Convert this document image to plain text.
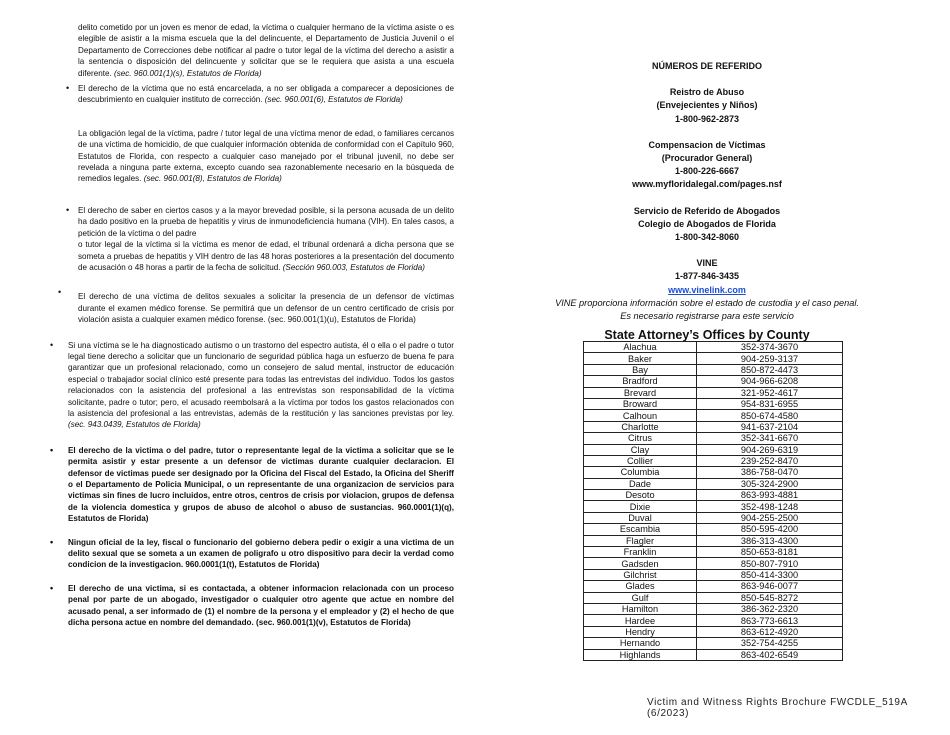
delito cometido por un joven es menor de edad, la víctima o cualquier hermano de la víctima asiste o es elegible de asistir a la misma escuela que la del delincuente, el Departamento de Justicia Juvenil o el Departamento de Correcciones debe notificar al padre o tutor legal de la víctima del derecho a asistir a la sentencia o disposición del delincuente y solicitar que se le requiera que asista a una escuela diferente. (sec. 960.001(1)(s), Estatutos de Florida)
• El derecho de la víctima que no está encarcelada, a no ser obligada a comparecer a deposiciones de descubrimiento en cualquier instituto de corrección. (sec. 960.001(6), Estatutos de Florida)
La obligación legal de la víctima, padre / tutor legal de una víctima menor de edad, o familiares cercanos de una víctima de homicidio, de que cualquier información obtenida de conformidad con el Capítulo 960, Estatutos de Florida, con respecto a cualquier caso manejado por el tribunal juvenil, no debe ser revelada a ninguna parte externa, excepto cuando sea razonablemente necesario en la búsqueda de remedios legales. (sec. 960.001(8), Estatutos de Florida)
• El derecho de saber en ciertos casos y a la mayor brevedad posible, si la persona acusada de un delito ha dado positivo en la prueba de hepatitis y virus de inmunodeficiencia humana (VIH). En tales casos, a petición de la víctima o del padre
o tutor legal de la víctima si la víctima es menor de edad, el tribunal ordenará a dicha persona que se someta a pruebas de hepatitis y VIH dentro de las 48 horas posteriores a la presentación del documento de acusación o 48 horas a partir de la fecha de solicitud. (Sección 960.003, Estatutos de Florida)
• El derecho de una víctima de delitos sexuales a solicitar la presencia de un defensor de víctimas durante el examen médico forense. Se permitirá que un defensor de un centro certificado de crisis por violación asista a cualquier examen médico forense. (sec. 960.001(1)(u), Estatutos de Florida)
• Si una víctima se le ha diagnosticado autismo o un trastorno del espectro autista, él o ella o el padre o tutor legal tiene derecho a solicitar que un funcionario de seguridad pública haga un esfuerzo de buena fe para garantizar que un profesional relacionado, como un consejero de salud mental, instructor de educación especial o trabajador social clínico esté presente para todas las entrevistas del individuo. Todos los gastos relacionados con la asistencia del profesional a las entrevistas son responsabilidad de la víctima solicitante, padre o tutor; pero, el acusado reembolsará a la víctima por todos los gastos relacionados con la asistencia del profesional a las entrevistas, además de la restitución y las sanciones previstas por ley. (sec. 943.0439, Estatutos de Florida)
• El derecho de la victima o del padre, tutor o representante legal de la victima a solicitar que se le permita asistir y estar presente a un defensor de victimas durante cualquier declaracion. El defensor de victimas puede ser designado por la Oficina del Fiscal del Estado, la Oficina del Sheriff o el Departamento de Policia Municipal, o un representante de una organizacion de servicios para victimas sin fines de lucro incluidos, entre otros, centros de crisis por violacion, grupos de defensa de la violencia domestica y grupos de abuso de alcohol o abuso de sustancias. 960.0001(1)(q), Estatutos de Florida)
• Ningun oficial de la ley, fiscal o funcionario del gobierno debera pedir o exigir a una victima de un delito sexual que se someta a un examen de poligrafo u otro dispositivo para decir la verdad como condicion de la investigacion. 960.0001(1(t), Estatutos de Florida)
• El derecho de una victima, si es contactada, a obtener informacion relacionada con un proceso penal por parte de un abogado, investigador o cualquier otro agente que actue en nombre del acusado penal, a ser informado de (1) el nombre de la persona y el empleador y (2) el hecho de que dicha persona actue en nombre del demandado. (sec. 960.001(1)(v), Estatutos de Florida)
NÚMEROS DE REFERIDO
Reistro de Abuso
(Envejecientes y Niños)
1-800-962-2873
Compensacion de Víctimas
(Procurador General)
1-800-226-6667
www.myfloridalegal.com/pages.nsf
Servicio de Referido de Abogados
Colegio de Abogados de Florida
1-800-342-8060
VINE
1-877-846-3435
www.vinelink.com
VINE proporciona información sobre el estado de custodia y el caso penal.
Es necesario registrarse para este servicio
State Attorney’s Offices by County
Alachua	352-374-3670
Baker	904-259-3137
Bay	850-872-4473
Bradford	904-966-6208
Brevard	321-952-4617
Broward	954-831-6955
Calhoun	850-674-4580
Charlotte	941-637-2104
Citrus	352-341-6670
Clay	904-269-6319
Collier	239-252-8470
Columbia	386-758-0470
Dade	305-324-2900
Desoto	863-993-4881
Dixie	352-498-1248
Duval	904-255-2500
Escambia	850-595-4200
Flagler	386-313-4300
Franklin	850-653-8181
Gadsden	850-807-7910
Gilchrist	850-414-3300
Glades	863-946-0077
Gulf	850-545-8272
Hamilton	386-362-2320
Hardee	863-773-6613
Hendry	863-612-4920
Hernando	352-754-4255
Highlands	863-402-6549
Victim and Witness Rights Brochure FWCDLE_519A (6/2023)
